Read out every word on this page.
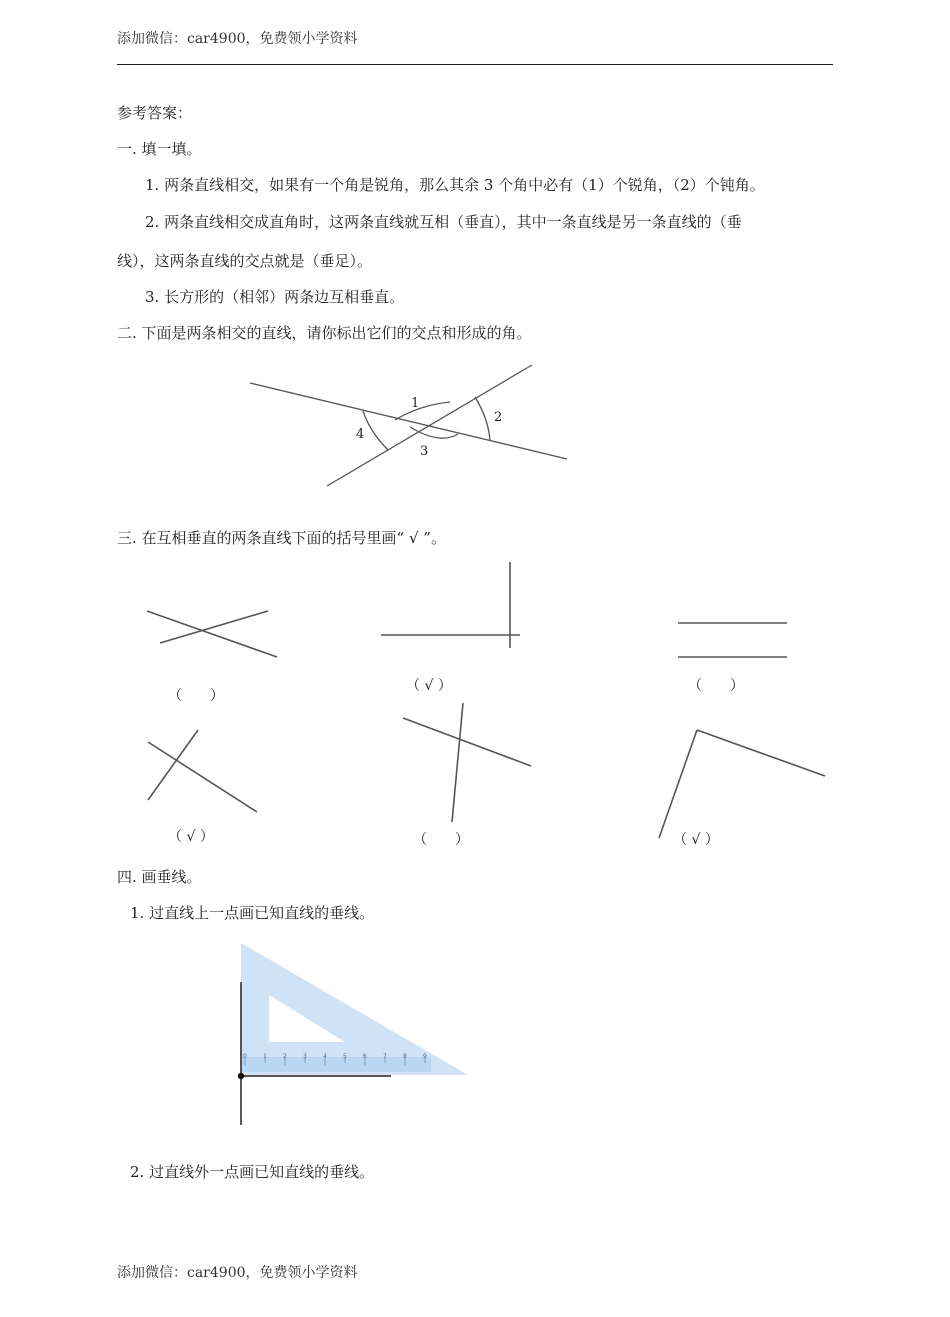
添加微信：car4900，免费领小学资料
参考答案：
一. 填一填。
1. 两条直线相交，如果有一个角是锐角，那么其余 3 个角中必有（1）个锐角，（2）个钝角。
2. 两条直线相交成直角时，这两条直线就互相（垂直），其中一条直线是另一条直线的（垂
线），这两条直线的交点就是（垂足）。
3. 长方形的（相邻）两条边互相垂直。
二. 下面是两条相交的直线，请你标出它们的交点和形成的角。
1
2
3
4
三. 在互相垂直的两条直线下面的括号里画“ √ ”。
（　　）
（ √ ）	（　　）
（ √ ）	（　　）	（ √ ）
四. 画垂线。
1. 过直线上一点画已知直线的垂线。
0	1	2	3	4	5	6	7	8	9
2. 过直线外一点画已知直线的垂线。
添加微信：car4900，免费领小学资料
